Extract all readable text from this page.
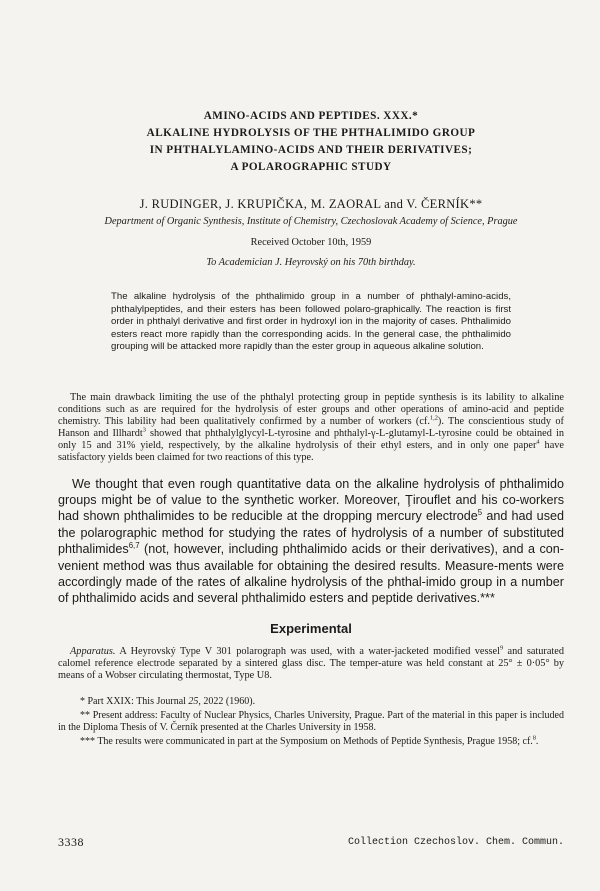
AMINO-ACIDS AND PEPTIDES. XXX.*

ALKALINE HYDROLYSIS OF THE PHTHALIMIDO GROUP

IN PHTHALYLAMINO-ACIDS AND THEIR DERIVATIVES;

A POLAROGRAPHIC STUDY

J. RUDINGER, J. KRUPIČKA, M. ZAORAL and V. ČERNÍK**
Department of Organic Synthesis, Institute of Chemistry, Czechoslovak Academy of Science, Prague
Received October 10th, 1959
To Academician J. Heyrovský on his 70th birthday.
The alkaline hydrolysis of the phthalimido group in a number of phthalyl-amino-acids, phthalylpeptides, and their esters has been followed polaro-graphically. The reaction is first order in phthalyl derivative and first order in hydroxyl ion in the majority of cases. Phthalimido esters react more rapidly than the corresponding acids. In the general case, the phthalimido grouping will be attacked more rapidly than the ester group in aqueous alkaline solution.

The main drawback limiting the use of the phthalyl protecting group in peptide synthesis is its lability to alkaline conditions such as are required for the hydrolysis of ester groups and other operations of amino-acid and peptide chemistry. This lability had been qualitatively confirmed by a number of workers (cf.$^{1,2}$). The conscientious study of Hanson and Illhardt$^3$ showed that phthalylglycyl-L-tyrosine and phthalyl-γ-L-glutamyl-L-tyrosine could be obtained in only 15 and 31% yield, respectively, by the alkaline hydrolysis of their ethyl esters, and in only one paper$^4$ have satisfactory yields been claimed for two reactions of this type.

We thought that even rough quantitative data on the alkaline hydrolysis of phthalimido groups might be of value to the synthetic worker. Moreover, Ţirouflet and his co-workers had shown phthalimides to be reducible at the dropping mercury electrode$^5$ and had used the polarographic method for studying the rates of hydrolysis of a number of substituted phthalimides$^{6,7}$ (not, however, including phthalimido acids or their derivatives), and a con-venient method was thus available for obtaining the desired results. Measure-ments were accordingly made of the rates of alkaline hydrolysis of the phthal-imido group in a number of phthalimido acids and several phthalimido esters and peptide derivatives.***

Experimental

Apparatus. A Heyrovský Type V 301 polarograph was used, with a water-jacketed modified vessel$^9$ and saturated calomel reference electrode separated by a sintered glass disc. The temper-ature was held constant at 25° ± 0·05° by means of a Wobser circulating thermostat, Type U8.

* Part XXIX: This Journal 25, 2022 (1960).

** Present address: Faculty of Nuclear Physics, Charles University, Prague. Part of the material in this paper is included in the Diploma Thesis of V. Černík presented at the Charles University in 1958.

*** The results were communicated in part at the Symposium on Methods of Peptide Synthesis, Prague 1958; cf.$^8$.

3338	Collection Czechoslov. Chem. Commun.
